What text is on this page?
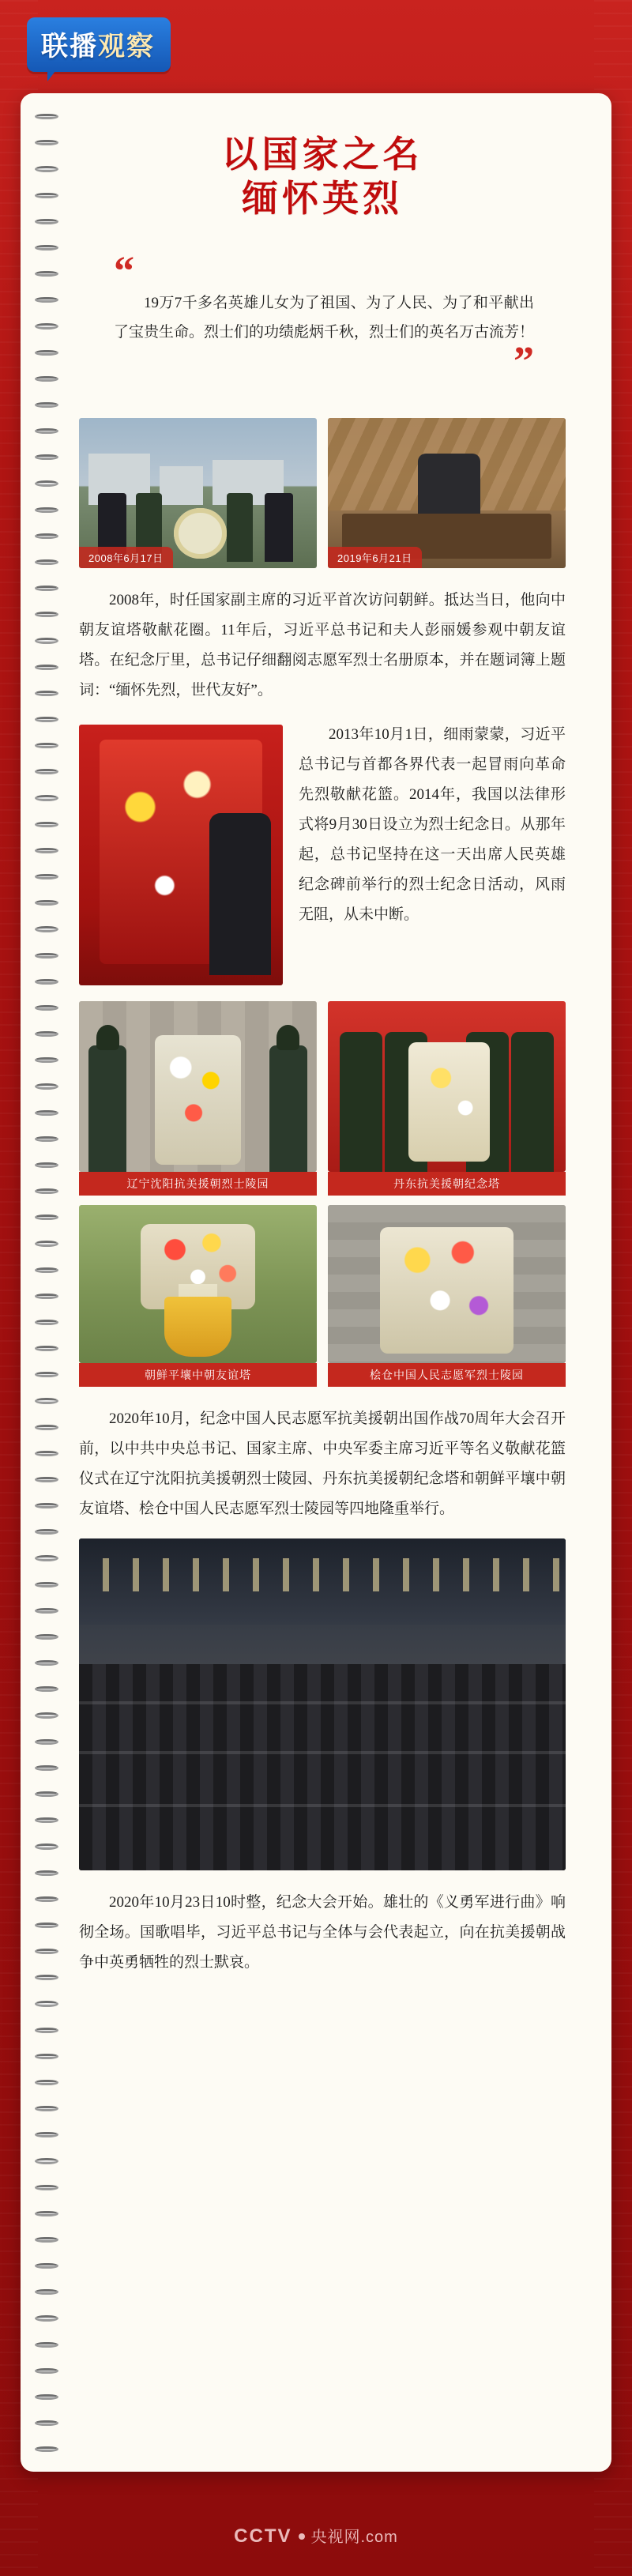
联播观察
以国家之名
缅怀英烈
“
19万7千多名英雄儿女为了祖国、为了人民、为了和平献出了宝贵生命。烈士们的功绩彪炳千秋，烈士们的英名万古流芳！
”
2008年6月17日	2019年6月21日

2008年，时任国家副主席的习近平首次访问朝鲜。抵达当日，他向中朝友谊塔敬献花圈。11年后，习近平总书记和夫人彭丽媛参观中朝友谊塔。在纪念厅里，总书记仔细翻阅志愿军烈士名册原本，并在题词簿上题词：“缅怀先烈，世代友好”。

2013年10月1日，细雨蒙蒙，习近平总书记与首都各界代表一起冒雨向革命先烈敬献花篮。2014年，我国以法律形式将9月30日设立为烈士纪念日。从那年起，总书记坚持在这一天出席人民英雄纪念碑前举行的烈士纪念日活动，风雨无阻，从未中断。

辽宁沈阳抗美援朝烈士陵园	丹东抗美援朝纪念塔
朝鲜平壤中朝友谊塔	桧仓中国人民志愿军烈士陵园

2020年10月，纪念中国人民志愿军抗美援朝出国作战70周年大会召开前，以中共中央总书记、国家主席、中央军委主席习近平等名义敬献花篮仪式在辽宁沈阳抗美援朝烈士陵园、丹东抗美援朝纪念塔和朝鲜平壤中朝友谊塔、桧仓中国人民志愿军烈士陵园等四地隆重举行。

2020年10月23日10时整，纪念大会开始。雄壮的《义勇军进行曲》响彻全场。国歌唱毕，习近平总书记与全体与会代表起立，向在抗美援朝战争中英勇牺牲的烈士默哀。

CCTV 央视网.com
